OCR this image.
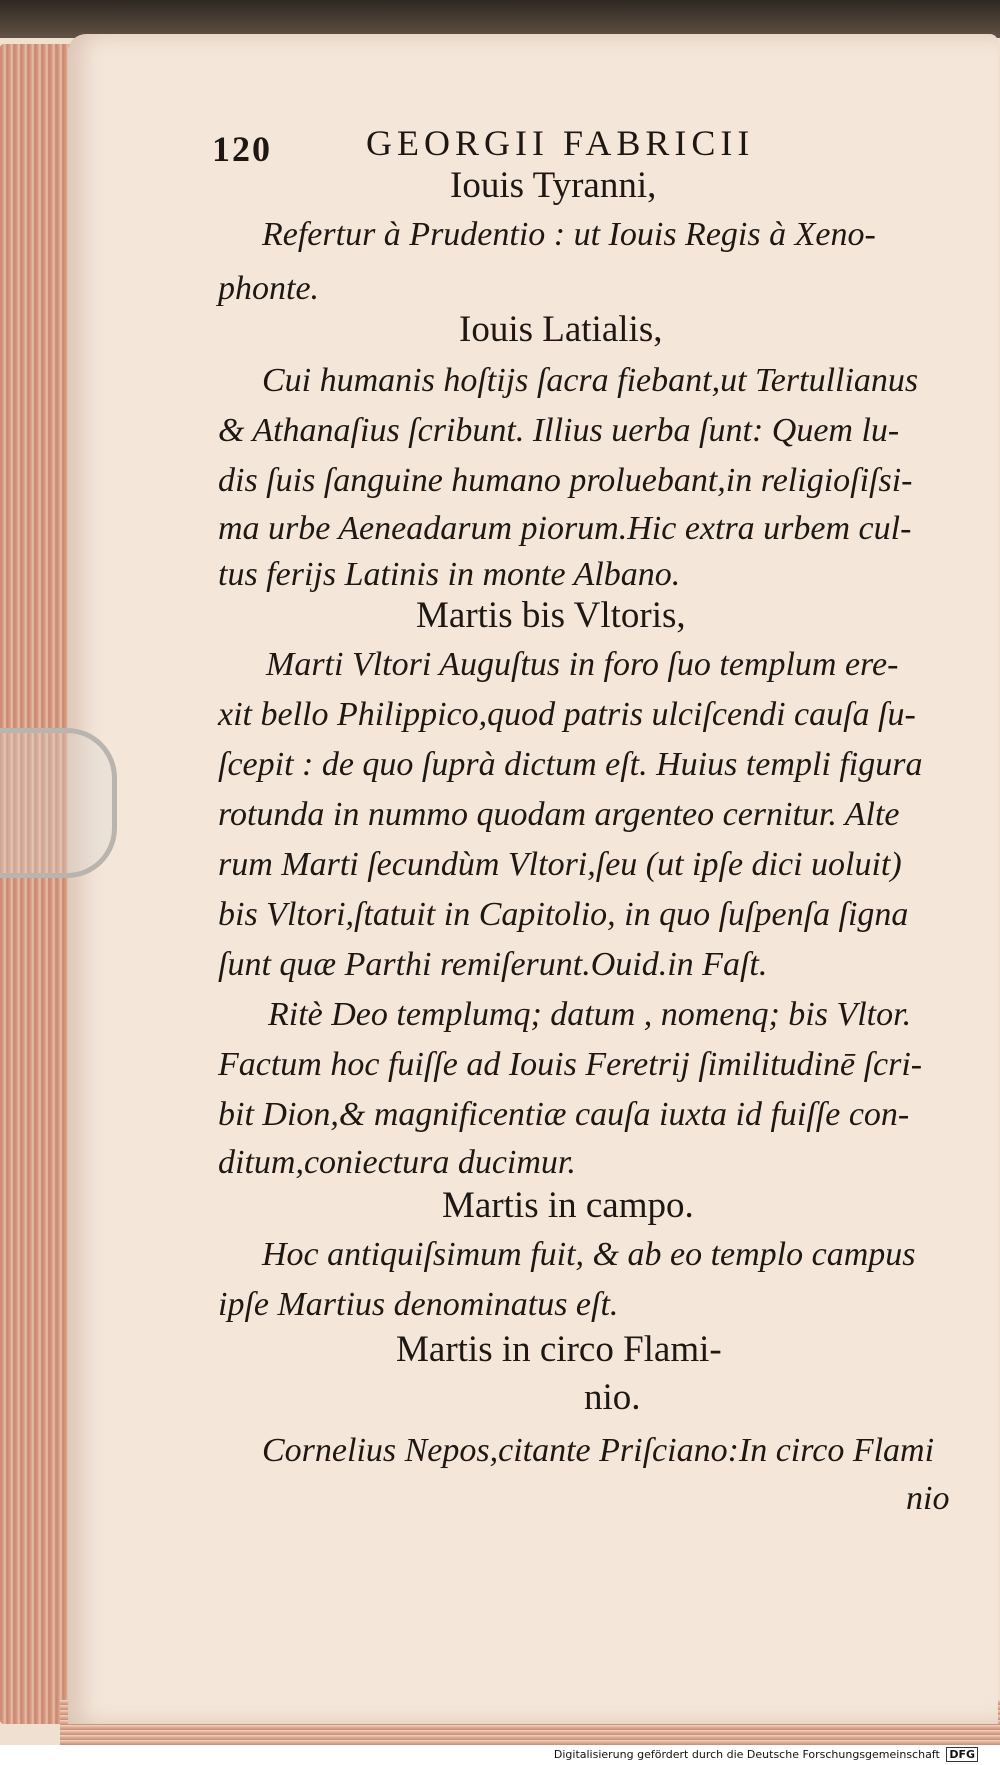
120	GEORGII FABRICII
Iouis Tyranni,
Refertur à Prudentio : ut Iouis Regis à Xeno-
phonte.
Iouis Latialis,
Cui humanis hoſtijs ſacra fiebant,ut Tertullianus
& Athanaſius ſcribunt. Illius uerba ſunt: Quem lu-
dis ſuis ſanguine humano proluebant,in religioſiſsi-
ma urbe Aeneadarum piorum.Hic extra urbem cul-
tus ferijs Latinis in monte Albano.
Martis bis Vltoris,
Marti Vltori Auguſtus in foro ſuo templum ere-
xit bello Philippico,quod patris ulciſcendi cauſa ſu-
ſcepit : de quo ſuprà dictum eſt. Huius templi figura
rotunda in nummo quodam argenteo cernitur. Alte
rum Marti ſecundùm Vltori,ſeu (ut ipſe dici uoluit)
bis Vltori,ſtatuit in Capitolio, in quo ſuſpenſa ſigna
ſunt quæ Parthi remiſerunt.Ouid.in Faſt.
Ritè Deo templumq; datum , nomenq; bis Vltor.
Factum hoc fuiſſe ad Iouis Feretrij ſimilitudinē ſcri-
bit Dion,& magnificentiæ cauſa iuxta id fuiſſe con-
ditum,coniectura ducimur.
Martis in campo.
Hoc antiquiſsimum fuit, & ab eo templo campus
ipſe Martius denominatus eſt.
Martis in circo Flami-
nio.
Cornelius Nepos,citante Priſciano:In circo Flami
nio
Digitalisierung gefördert durch die Deutsche Forschungsgemeinschaft DFG
